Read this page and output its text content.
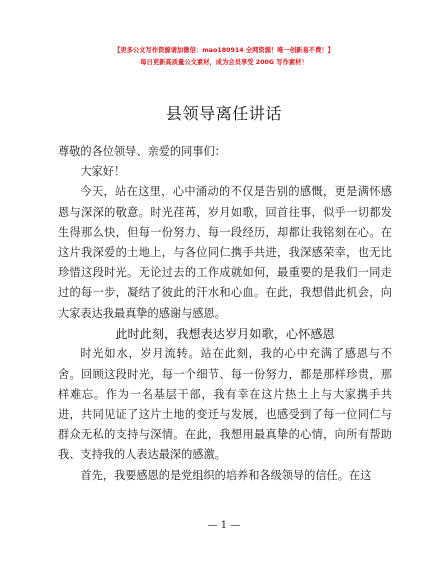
【更多公文写作资源请加微信：mao180914 全网资源！唯一创新易不费！】
每日更新高质量公文素材，成为会员享受 200G 写作素材！
县领导离任讲话

尊敬的各位领导、亲爱的同事们：

大家好！

今天，站在这里，心中涌动的不仅是告别的感慨，更是满怀感恩与深深的敬意。时光荏苒，岁月如歌，回首往事，似乎一切都发生得那么快，但每一份努力、每一段经历，却都让我铭刻在心。在这片我深爱的土地上，与各位同仁携手共进，我深感荣幸，也无比珍惜这段时光。无论过去的工作成就如何，最重要的是我们一同走过的每一步，凝结了彼此的汗水和心血。在此，我想借此机会，向大家表达我最真挚的感谢与感恩。

此时此刻，我想表达岁月如歌，心怀感恩

时光如水，岁月流转。站在此刻，我的心中充满了感恩与不舍。回顾这段时光，每一个细节、每一份努力，都是那样珍贵，那样难忘。作为一名基层干部，我有幸在这片热土上与大家携手共进，共同见证了这片土地的变迁与发展，也感受到了每一位同仁与群众无私的支持与深情。在此，我想用最真挚的心情，向所有帮助我、支持我的人表达最深的感激。

首先，我要感恩的是党组织的培养和各级领导的信任。在这

— 1 —
